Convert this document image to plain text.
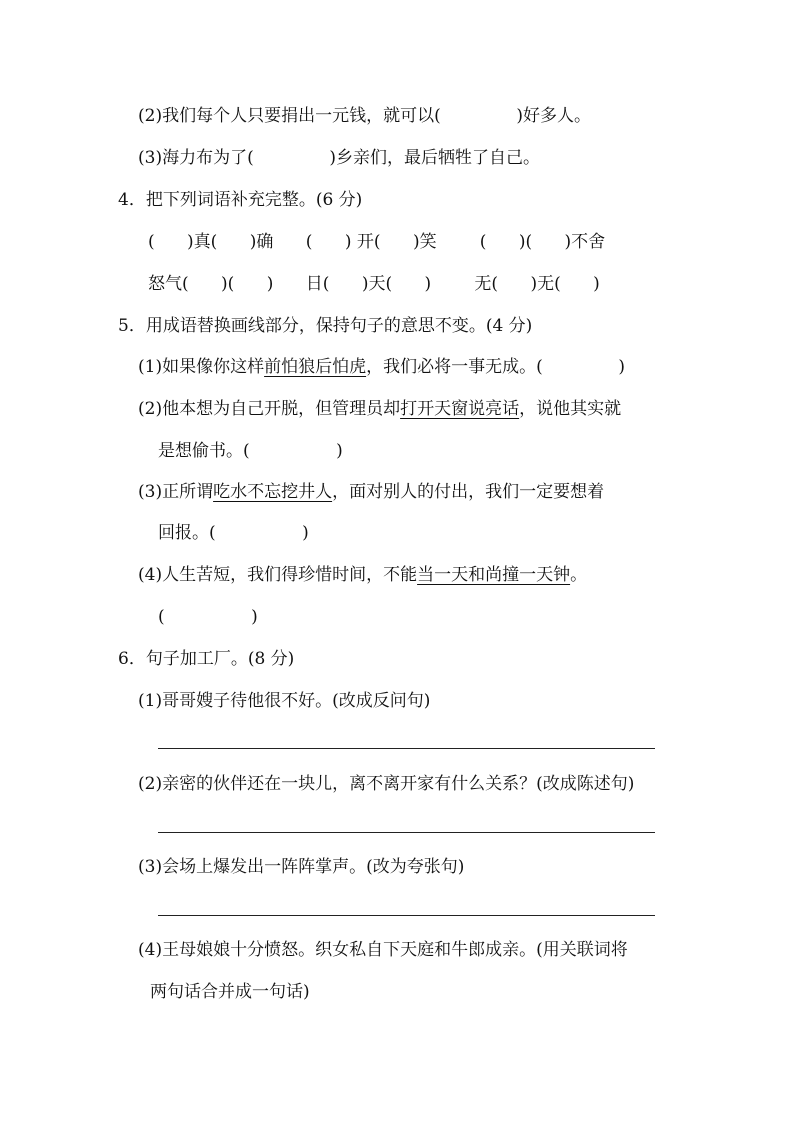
(2)我们每个人只要捐出一元钱，就可以(              )好多人。
(3)海力布为了(              )乡亲们，最后牺牲了自己。
4．把下列词语补充完整。(6 分)
(      )真(      )确      (      ) 开(      )笑        (      )(      )不舍
怒气(      )(      )      日(      )天(      )        无(      )无(      )
5．用成语替换画线部分，保持句子的意思不变。(4 分)
(1)如果像你这样前怕狼后怕虎，我们必将一事无成。(              )
(2)他本想为自己开脱，但管理员却打开天窗说亮话，说他其实就
是想偷书。(                )
(3)正所谓吃水不忘挖井人，面对别人的付出，我们一定要想着
回报。(                )
(4)人生苦短，我们得珍惜时间，不能当一天和尚撞一天钟。
(                )
6．句子加工厂。(8 分)
(1)哥哥嫂子待他很不好。(改成反问句)
(2)亲密的伙伴还在一块儿，离不离开家有什么关系？(改成陈述句)
(3)会场上爆发出一阵阵掌声。(改为夸张句)
(4)王母娘娘十分愤怒。织女私自下天庭和牛郎成亲。(用关联词将
两句话合并成一句话)
